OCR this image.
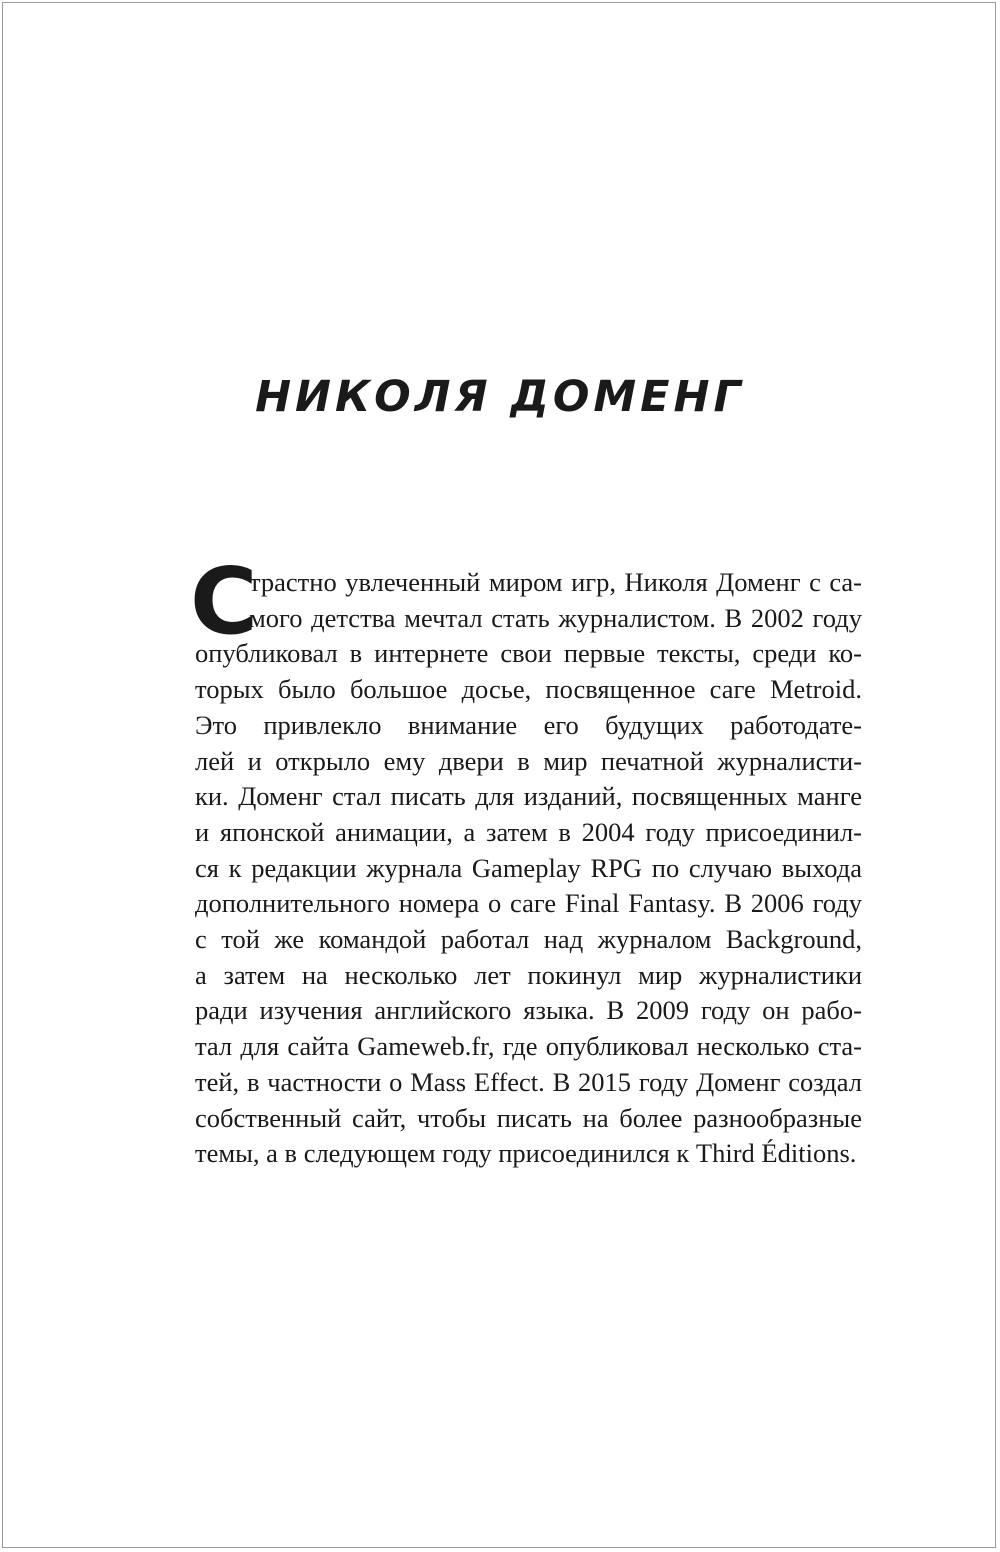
НИКОЛЯ ДОМЕНГ
С
трастно увлеченный миром игр, Николя Доменг с са-
мого детства мечтал стать журналистом. В 2002 году
опубликовал в интернете свои первые тексты, среди ко-
торых было большое досье, посвященное саге Metroid.
Это привлекло внимание его будущих работодате-
лей и открыло ему двери в мир печатной журналисти-
ки. Доменг стал писать для изданий, посвященных манге
и японской анимации, а затем в 2004 году присоединил-
ся к редакции журнала Gameplay RPG по случаю выхода
дополнительного номера о саге Final Fantasy. В 2006 году
с той же командой работал над журналом Background,
а затем на несколько лет покинул мир журналистики
ради изучения английского языка. В 2009 году он рабо-
тал для сайта Gameweb.fr, где опубликовал несколько ста-
тей, в частности о Mass Effect. В 2015 году Доменг создал
собственный сайт, чтобы писать на более разнообразные
темы, а в следующем году присоединился к Third Éditions.
